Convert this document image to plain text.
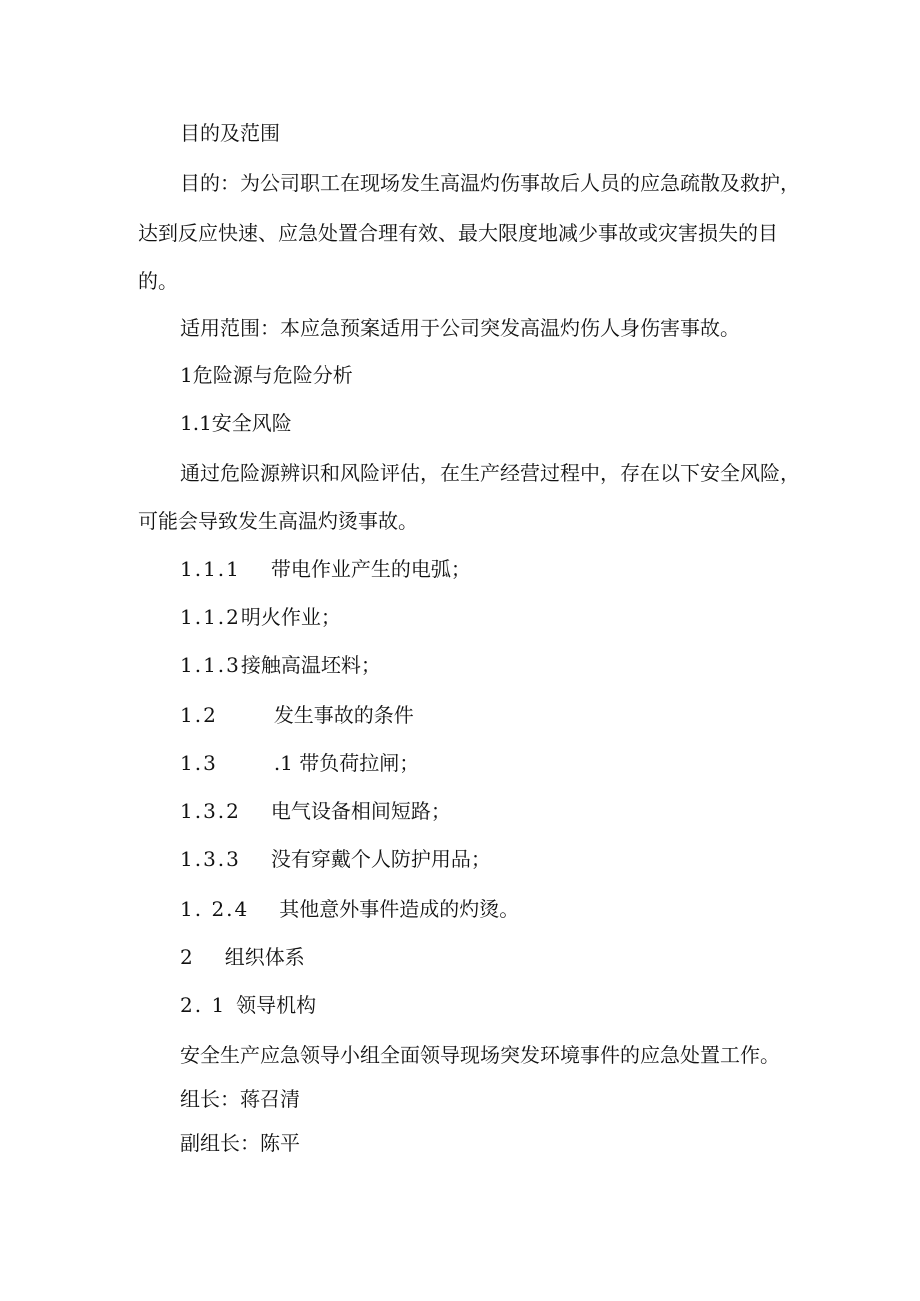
目的及范围
目的：为公司职工在现场发生高温灼伤事故后人员的应急疏散及救护，
达到反应快速、应急处置合理有效、最大限度地减少事故或灾害损失的目
的。
适用范围：本应急预案适用于公司突发高温灼伤人身伤害事故。
1危险源与危险分析
1.1安全风险
通过危险源辨识和风险评估，在生产经营过程中，存在以下安全风险，
可能会导致发生高温灼烫事故。
1.1.1 带电作业产生的电弧；
1.1.2明火作业；
1.1.3接触高温坯料；
1.2	发生事故的条件
1.3	.1 带负荷拉闸；
1.3.2 电气设备相间短路；
1.3.3 没有穿戴个人防护用品；
1. 2.4 其他意外事件造成的灼烫。
2 组织体系
2. 1 领导机构
安全生产应急领导小组全面领导现场突发环境事件的应急处置工作。
组长：蒋召清
副组长：陈平
